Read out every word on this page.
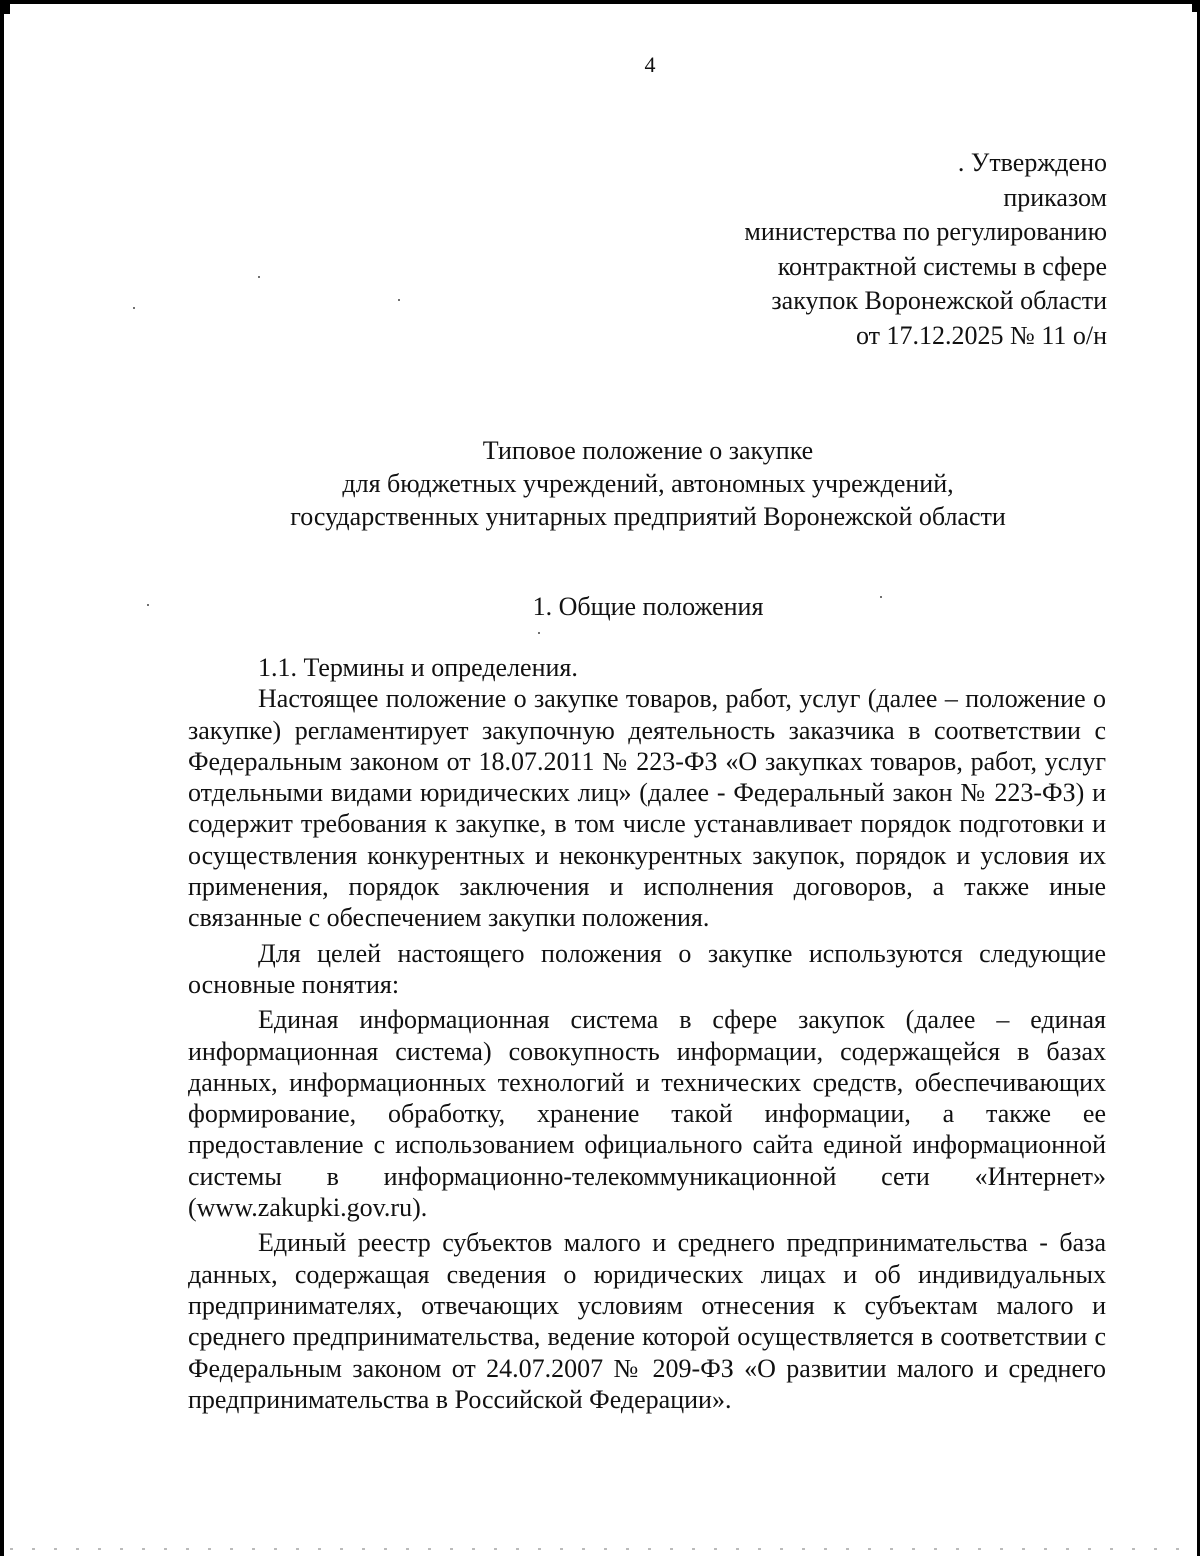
4
. Утверждено
приказом
министерства по регулированию
контрактной системы в сфере
закупок Воронежской области
от 17.12.2025 № 11 о/н
Типовое положение о закупке
для бюджетных учреждений, автономных учреждений,
государственных унитарных предприятий Воронежской области
1. Общие положения

1.1. Термины и определения.

Настоящее положение о закупке товаров, работ, услуг (далее – положение о закупке) регламентирует закупочную деятельность заказчика в соответствии с Федеральным законом от 18.07.2011 № 223-ФЗ «О закупках товаров, работ, услуг отдельными видами юридических лиц» (далее - Федеральный закон № 223-ФЗ) и содержит требования к закупке, в том числе устанавливает порядок подготовки и осуществления конкурентных и неконкурентных закупок, порядок и условия их применения, порядок заключения и исполнения договоров, а также иные связанные с обеспечением закупки положения.

Для целей настоящего положения о закупке используются следующие основные понятия:

Единая информационная система в сфере закупок (далее – единая информационная система) совокупность информации, содержащейся в базах данных, информационных технологий и технических средств, обеспечивающих формирование, обработку, хранение такой информации, а также ее предоставление с использованием официального сайта единой информационной системы в информационно-телекоммуникационной сети «Интернет» (www.zakupki.gov.ru).

Единый реестр субъектов малого и среднего предпринимательства - база данных, содержащая сведения о юридических лицах и об индивидуальных предпринимателях, отвечающих условиям отнесения к субъектам малого и среднего предпринимательства, ведение которой осуществляется в соответствии с Федеральным законом от 24.07.2007 № 209-ФЗ «О развитии малого и среднего предпринимательства в Российской Федерации».
